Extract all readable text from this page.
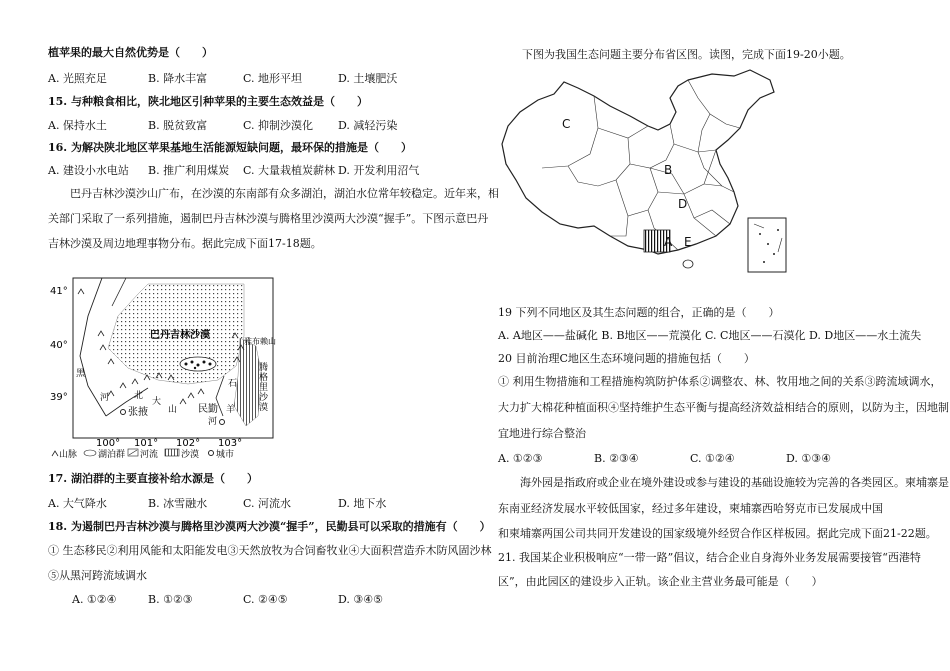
植苹果的最大自然优势是（　　）
A. 光照充足	B. 降水丰富	C. 地形平坦	D. 土壤肥沃
15. 与种粮食相比，陕北地区引种苹果的主要生态效益是（　　）
A. 保持水土	B. 脱贫致富	C. 抑制沙漠化 D. 减轻污染
16. 为解决陕北地区苹果基地生活能源短缺问题，最环保的措施是（　　）
A. 建设小水电站 B. 推广利用煤炭 C. 大量栽植炭薪林 D. 开发利用沼气
巴丹吉林沙漠沙山广布，在沙漠的东南部有众多湖泊，湖泊水位常年较稳定。近年来，相
关部门采取了一系列措施，遏制巴丹吉林沙漠与腾格里沙漠两大沙漠“握手”。下图示意巴丹
吉林沙漠及周边地理事物分布。据此完成下面17-18题。
41°
40°
39°
100° 101° 102° 103°
巴丹吉林沙漠
腾
格
里
沙
漠
黑
河	北
大
山
石
羊
河
雅布赖山
张掖	民勤
山脉 湖泊群 河流	沙漠 城市
17. 湖泊群的主要直接补给水源是（　　）
A. 大气降水	B. 冰雪融水	C. 河流水	D. 地下水
18. 为遏制巴丹吉林沙漠与腾格里沙漠两大沙漠“握手”，民勤县可以采取的措施有（　　）
① 生态移民②利用风能和太阳能发电③天然放牧为合饲畜牧业④大面积营造乔木防风固沙林
⑤从黑河跨流域调水
A. ①②④	B. ①②③	C. ②④⑤	D. ③④⑤
下图为我国生态问题主要分布省区图。读图，完成下面19-20小题。
C
B
D
A E
19 下列不同地区及其生态问题的组合，正确的是（　　）
A. A地区——盐碱化 B. B地区——荒漠化 C. C地区——石漠化 D. D地区——水土流失
20 目前治理C地区生态环境问题的措施包括（　　）
① 利用生物措施和工程措施构筑防护体系②调整农、林、牧用地之间的关系③跨流域调水，
大力扩大棉花种植面积④坚持维护生态平衡与提高经济效益相结合的原则，以防为主，因地制
宜地进行综合整治
A. ①②③	B. ②③④	C. ①②④	D. ①③④
海外园是指政府或企业在境外建设或参与建设的基础设施较为完善的各类园区。柬埔寨是
东南亚经济发展水平较低国家，经过多年建设，柬埔寨西哈努克市已发展成中国
和柬埔寨两国公司共同开发建设的国家级境外经贸合作区样板园。据此完成下面21-22题。
21. 我国某企业积极响应“一带一路”倡议，结合企业自身海外业务发展需要接管“西港特
区”，由此园区的建设步入正轨。该企业主营业务最可能是（　　）
